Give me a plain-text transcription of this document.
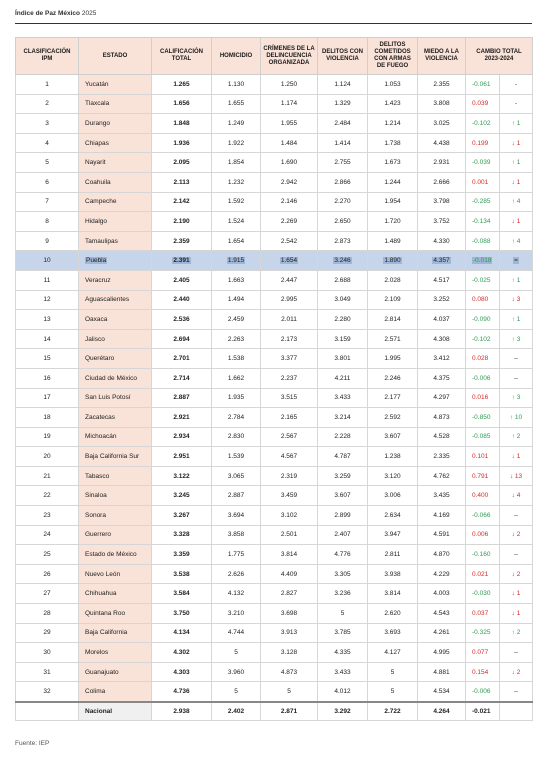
Índice de Paz México 2025
CLASIFICACIÓN IPM	ESTADO	CALIFICACIÓN TOTAL	HOMICIDIO	CRÍMENES DE LA DELINCUENCIA ORGANIZADA	DELITOS CON VIOLENCIA	DELITOS COMETIDOS CON ARMAS DE FUEGO	MIEDO A LA VIOLENCIA	CAMBIO TOTAL 2023-2024	
1	Yucatán	1.265	1.130	1.250	1.124	1.053	2.355	-0.061	-
2	Tlaxcala	1.656	1.655	1.174	1.329	1.423	3.808	0.039	-
3	Durango	1.848	1.249	1.955	2.484	1.214	3.025	-0.102	↑ 1
4	Chiapas	1.936	1.922	1.484	1.414	1.738	4.438	0.199	↓ 1
5	Nayarit	2.095	1.854	1.690	2.755	1.673	2.931	-0.039	↑ 1
6	Coahuila	2.113	1.232	2.942	2.866	1.244	2.666	0.001	↓ 1
7	Campeche	2.142	1.592	2.146	2.270	1.954	3.798	-0.285	↑ 4
8	Hidalgo	2.190	1.524	2.269	2.650	1.720	3.752	-0.134	↓ 1
9	Tamaulipas	2.359	1.654	2.542	2.873	1.489	4.330	-0.088	↑ 4
10	Puebla	2.391	1.915	1.654	3.246	1.890	4.357	-0.018	=
11	Veracruz	2.405	1.663	2.447	2.688	2.028	4.517	-0.025	↑ 1
12	Aguascalientes	2.440	1.494	2.995	3.049	2.109	3.252	0.080	↓ 3
13	Oaxaca	2.536	2.459	2.011	2.280	2.814	4.037	-0.090	↑ 1
14	Jalisco	2.694	2.263	2.173	3.159	2.571	4.308	-0.102	↑ 3
15	Querétaro	2.701	1.538	3.377	3.801	1.995	3.412	0.028	–
16	Ciudad de México	2.714	1.662	2.237	4.211	2.246	4.375	-0.006	–
17	San Luis Potosí	2.887	1.935	3.515	3.433	2.177	4.297	0.016	↑ 3
18	Zacatecas	2.921	2.784	2.165	3.214	2.592	4.873	-0.850	↑ 10
19	Michoacán	2.934	2.830	2.567	2.228	3.607	4.528	-0.085	↑ 2
20	Baja California Sur	2.951	1.539	4.567	4.787	1.238	2.335	0.101	↓ 1
21	Tabasco	3.122	3.065	2.319	3.259	3.120	4.762	0.791	↓ 13
22	Sinaloa	3.245	2.887	3.459	3.607	3.006	3.435	0.400	↓ 4
23	Sonora	3.267	3.694	3.102	2.899	2.634	4.169	-0.066	–
24	Guerrero	3.328	3.858	2.501	2.407	3.947	4.591	0.006	↓ 2
25	Estado de México	3.359	1.775	3.814	4.776	2.811	4.870	-0.160	–
26	Nuevo León	3.538	2.626	4.409	3.305	3.938	4.229	0.021	↓ 2
27	Chihuahua	3.584	4.132	2.827	3.236	3.814	4.003	-0.030	↓ 1
28	Quintana Roo	3.750	3.210	3.698	5	2.620	4.543	0.037	↓ 1
29	Baja California	4.134	4.744	3.913	3.785	3.693	4.261	-0.325	↑ 2
30	Morelos	4.302	5	3.128	4.335	4.127	4.995	0.077	–
31	Guanajuato	4.303	3.960	4.873	3.433	5	4.881	0.154	↓ 2
32	Colima	4.736	5	5	4.012	5	4.534	-0.006	–
	Nacional	2.938	2.402	2.871	3.292	2.722	4.264	-0.021	
Fuente: IEP
